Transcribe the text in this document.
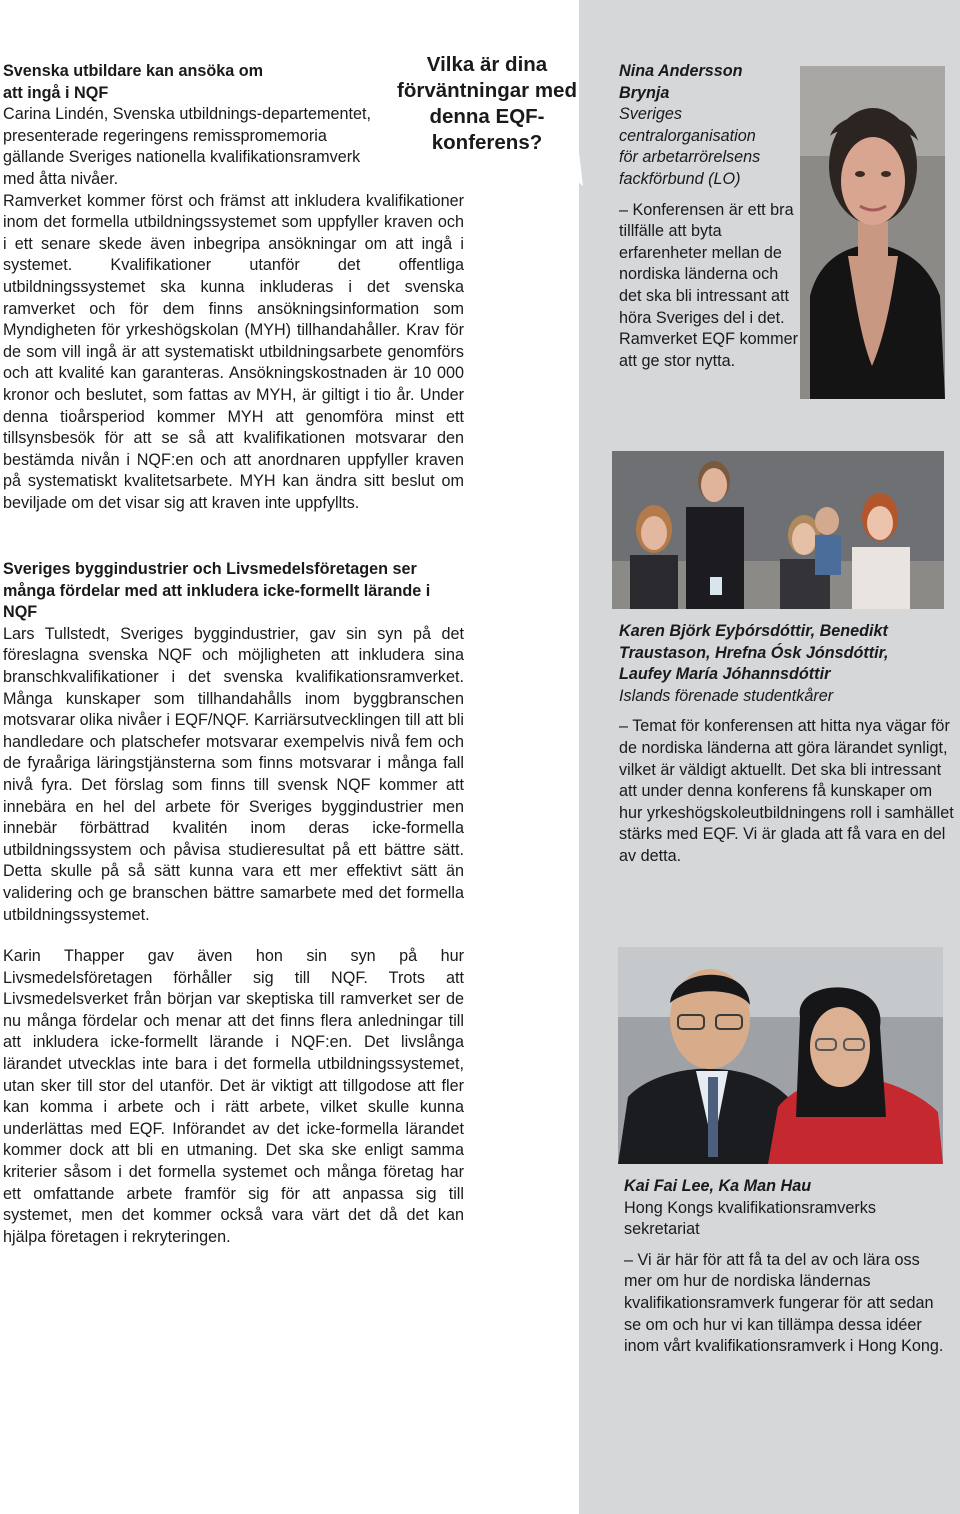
Vilka är dina förväntningar med denna EQF-konferens?
Svenska utbildare kan ansöka om att ingå i NQF

Carina Lindén, Svenska utbildnings-departementet, presenterade regeringens remisspromemoria gällande Sveriges nationella kvalifikationsramverk med åtta nivåer.

Ramverket kommer först och främst att inkludera kvalifikationer inom det formella utbildningssystemet som uppfyller kraven och i ett senare skede även inbegripa ansökningar om att ingå i systemet. Kvalifikationer utanför det offentliga utbildningssystemet ska kunna inkluderas i det svenska ramverket och för dem finns ansökningsinformation som Myndigheten för yrkeshögskolan (MYH) tillhandahåller. Krav för de som vill ingå är att systematiskt utbildningsarbete genomförs och att kvalité kan garanteras. Ansökningskostnaden är 10 000 kronor och beslutet, som fattas av MYH, är giltigt i tio år. Under denna tioårsperiod kommer MYH att genomföra minst ett tillsynsbesök för att se så att kvalifikationen motsvarar den bestämda nivån i NQF:en och att anordnaren uppfyller kraven på systematiskt kvalitetsarbete. MYH kan ändra sitt beslut om beviljade om det visar sig att kraven inte uppfyllts.

Sveriges byggindustrier och Livsmedelsföretagen ser många fördelar med att inkludera icke-formellt lärande i NQF

Lars Tullstedt, Sveriges byggindustrier, gav sin syn på det föreslagna svenska NQF och möjligheten att inkludera sina branschkvalifikationer i det svenska kvalifikationsramverket. Många kunskaper som tillhandahålls inom byggbranschen motsvarar olika nivåer i EQF/NQF. Karriärsutvecklingen till att bli handledare och platschefer motsvarar exempelvis nivå fem och de fyraåriga läringstjänsterna som finns motsvarar i många fall nivå fyra. Det förslag som finns till svensk NQF kommer att innebära en hel del arbete för Sveriges byggindustrier men innebär förbättrad kvalitén inom deras icke-formella utbildningssystem och påvisa studieresultat på ett bättre sätt. Detta skulle på så sätt kunna vara ett mer effektivt sätt än validering och ge branschen bättre samarbete med det formella utbildningssystemet.

Karin Thapper gav även hon sin syn på hur Livsmedelsföretagen förhåller sig till NQF. Trots att Livsmedelsverket från början var skeptiska till ramverket ser de nu många fördelar och menar att det finns flera anledningar till att inkludera icke-formellt lärande i NQF:en. Det livslånga lärandet utvecklas inte bara i det formella utbildningssystemet, utan sker till stor del utanför. Det är viktigt att tillgodose att fler kan komma i arbete och i rätt arbete, vilket skulle kunna underlättas med EQF. Införandet av det icke-formella lärandet kommer dock att bli en utmaning. Det ska ske enligt samma kriterier såsom i det formella systemet och många företag har ett omfattande arbete framför sig för att anpassa sig till systemet, men det kommer också vara värt det då det kan hjälpa företagen i rekryteringen.

Nina Andersson Brynja
Sveriges centralorganisation för arbetarrörelsens fackförbund (LO)
– Konferensen är ett bra tillfälle att byta erfarenheter mellan de nordiska länderna och det ska bli intressant att höra Sveriges del i det. Ramverket EQF kommer att ge stor nytta.
Karen Björk Eyþórsdóttir, Benedikt Traustason, Hrefna Ósk Jónsdóttir, Laufey María Jóhannsdóttir
Islands förenade studentkårer
– Temat för konferensen att hitta nya vägar för de nordiska länderna att göra lärandet synligt, vilket är väldigt aktuellt. Det ska bli intressant att under denna konferens få kunskaper om hur yrkeshögskoleutbildningens roll i samhället stärks med EQF. Vi är glada att få vara en del av detta.
Kai Fai Lee, Ka Man Hau
Hong Kongs kvalifikationsramverks sekretariat
– Vi är här för att få ta del av och lära oss mer om hur de nordiska ländernas kvalifikationsramverk fungerar för att sedan se om och hur vi kan tillämpa dessa idéer inom vårt kvalifikationsramverk i Hong Kong.
